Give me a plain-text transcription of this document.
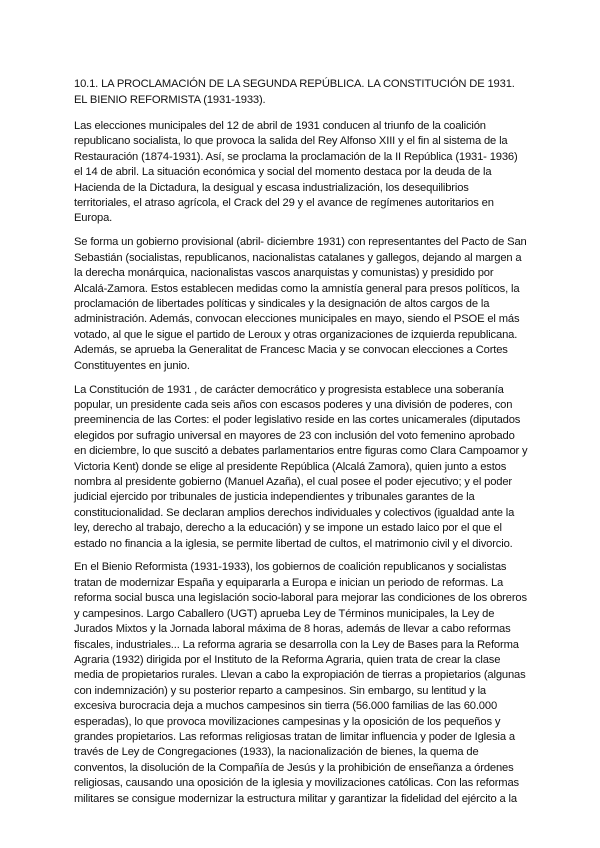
10.1. LA PROCLAMACIÓN DE LA SEGUNDA REPÚBLICA. LA CONSTITUCIÓN DE 1931.
EL BIENIO REFORMISTA (1931-1933).
Las elecciones municipales del 12 de abril de 1931 conducen al triunfo de la coalición
republicano socialista, lo que provoca la salida del Rey Alfonso XIII y el fin al sistema de la
Restauración (1874-1931). Así, se proclama la proclamación de la II República (1931- 1936)
el 14 de abril. La situación económica y social del momento destaca por la deuda de la
Hacienda de la Dictadura, la desigual y escasa industrialización, los desequilibrios
territoriales, el atraso agrícola, el Crack del 29 y el avance de regímenes autoritarios en
Europa.
Se forma un gobierno provisional (abril- diciembre 1931) con representantes del Pacto de San
Sebastián (socialistas, republicanos, nacionalistas catalanes y gallegos, dejando al margen a
la derecha monárquica, nacionalistas vascos anarquistas y comunistas) y presidido por
Alcalá-Zamora. Estos establecen medidas como la amnistía general para presos políticos, la
proclamación de libertades políticas y sindicales y la designación de altos cargos de la
administración. Además, convocan elecciones municipales en mayo, siendo el PSOE el más
votado, al que le sigue el partido de Leroux y otras organizaciones de izquierda republicana.
Además, se aprueba la Generalitat de Francesc Macia y se convocan elecciones a Cortes
Constituyentes en junio.
La Constitución de 1931 , de carácter democrático y progresista establece una soberanía
popular, un presidente cada seis años con escasos poderes y una división de poderes, con
preeminencia de las Cortes: el poder legislativo reside en las cortes unicamerales (diputados
elegidos por sufragio universal en mayores de 23 con inclusión del voto femenino aprobado
en diciembre, lo que suscitó a debates parlamentarios entre figuras como Clara Campoamor y
Victoria Kent) donde se elige al presidente República (Alcalá Zamora), quien junto a estos
nombra al presidente gobierno (Manuel Azaña), el cual posee el poder ejecutivo; y el poder
judicial ejercido por tribunales de justicia independientes y tribunales garantes de la
constitucionalidad. Se declaran amplios derechos individuales y colectivos (igualdad ante la
ley, derecho al trabajo, derecho a la educación) y se impone un estado laico por el que el
estado no financia a la iglesia, se permite libertad de cultos, el matrimonio civil y el divorcio.
En el Bienio Reformista (1931-1933), los gobiernos de coalición republicanos y socialistas
tratan de modernizar España y equipararla a Europa e inician un periodo de reformas. La
reforma social busca una legislación socio-laboral para mejorar las condiciones de los obreros
y campesinos. Largo Caballero (UGT) aprueba Ley de Términos municipales, la Ley de
Jurados Mixtos y la Jornada laboral máxima de 8 horas, además de llevar a cabo reformas
fiscales, industriales... La reforma agraria se desarrolla con la Ley de Bases para la Reforma
Agraria (1932) dirigida por el Instituto de la Reforma Agraria, quien trata de crear la clase
media de propietarios rurales. Llevan a cabo la expropiación de tierras a propietarios (algunas
con indemnización) y su posterior reparto a campesinos. Sin embargo, su lentitud y la
excesiva burocracia deja a muchos campesinos sin tierra (56.000 familias de las 60.000
esperadas), lo que provoca movilizaciones campesinas y la oposición de los pequeños y
grandes propietarios. Las reformas religiosas tratan de limitar influencia y poder de Iglesia a
través de Ley de Congregaciones (1933), la nacionalización de bienes, la quema de
conventos, la disolución de la Compañía de Jesús y la prohibición de enseñanza a órdenes
religiosas, causando una oposición de la iglesia y movilizaciones católicas. Con las reformas
militares se consigue modernizar la estructura militar y garantizar la fidelidad del ejército a la
